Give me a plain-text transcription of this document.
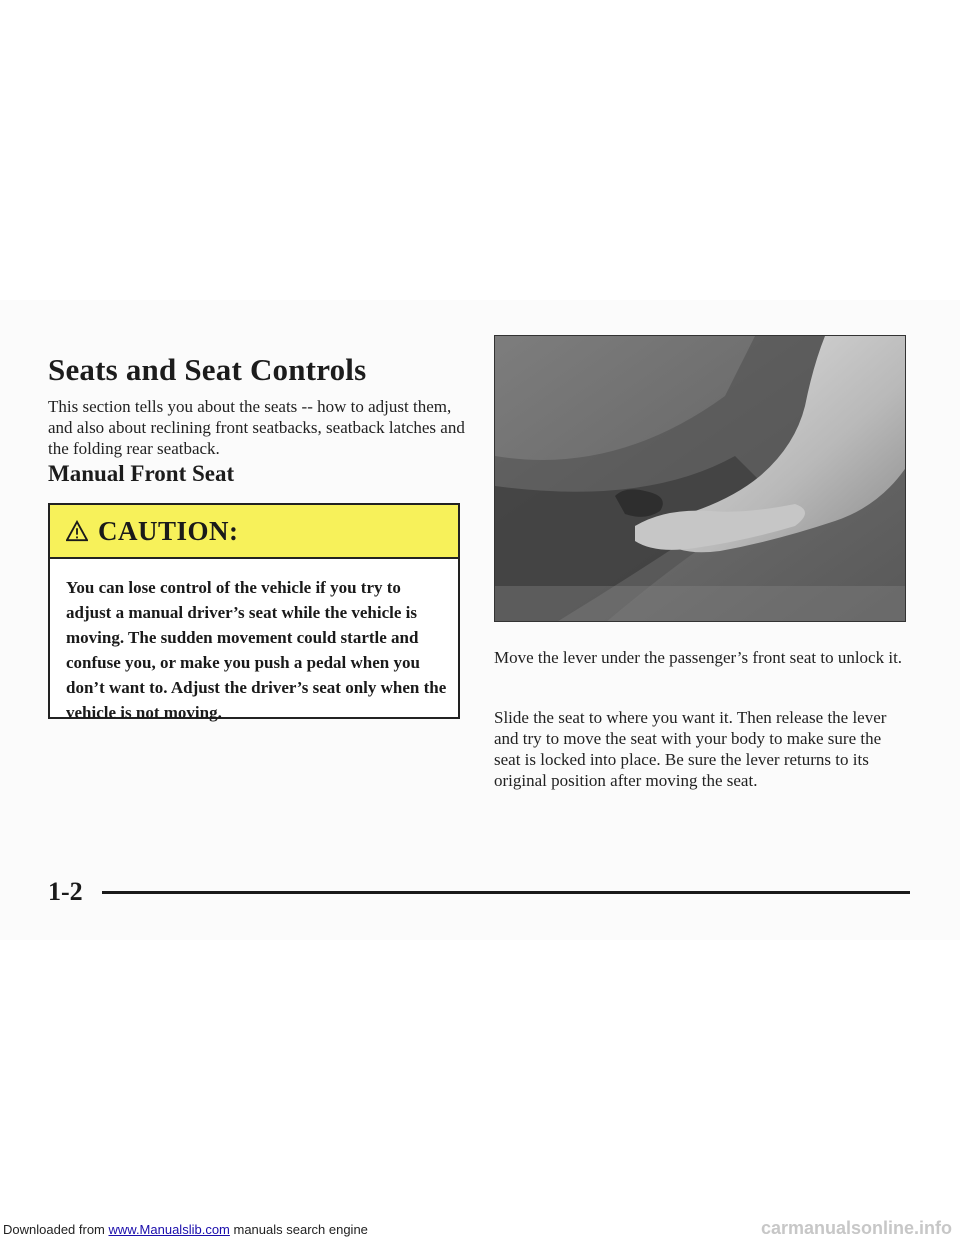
Seats and Seat Controls

This section tells you about the seats -- how to adjust them, and also about reclining front seatbacks, seatback latches and the folding rear seatback.

Manual Front Seat
CAUTION:

You can lose control of the vehicle if you try to adjust a manual driver’s seat while the vehicle is moving. The sudden movement could startle and confuse you, or make you push a pedal when you don’t want to. Adjust the driver’s seat only when the vehicle is not moving.

Move the lever under the passenger’s front seat to unlock it.

Slide the seat to where you want it. Then release the lever and try to move the seat with your body to make sure the seat is locked into place. Be sure the lever returns to its original position after moving the seat.

1-2

Downloaded from www.Manualslib.com manuals search engine	carmanualsonline.info
